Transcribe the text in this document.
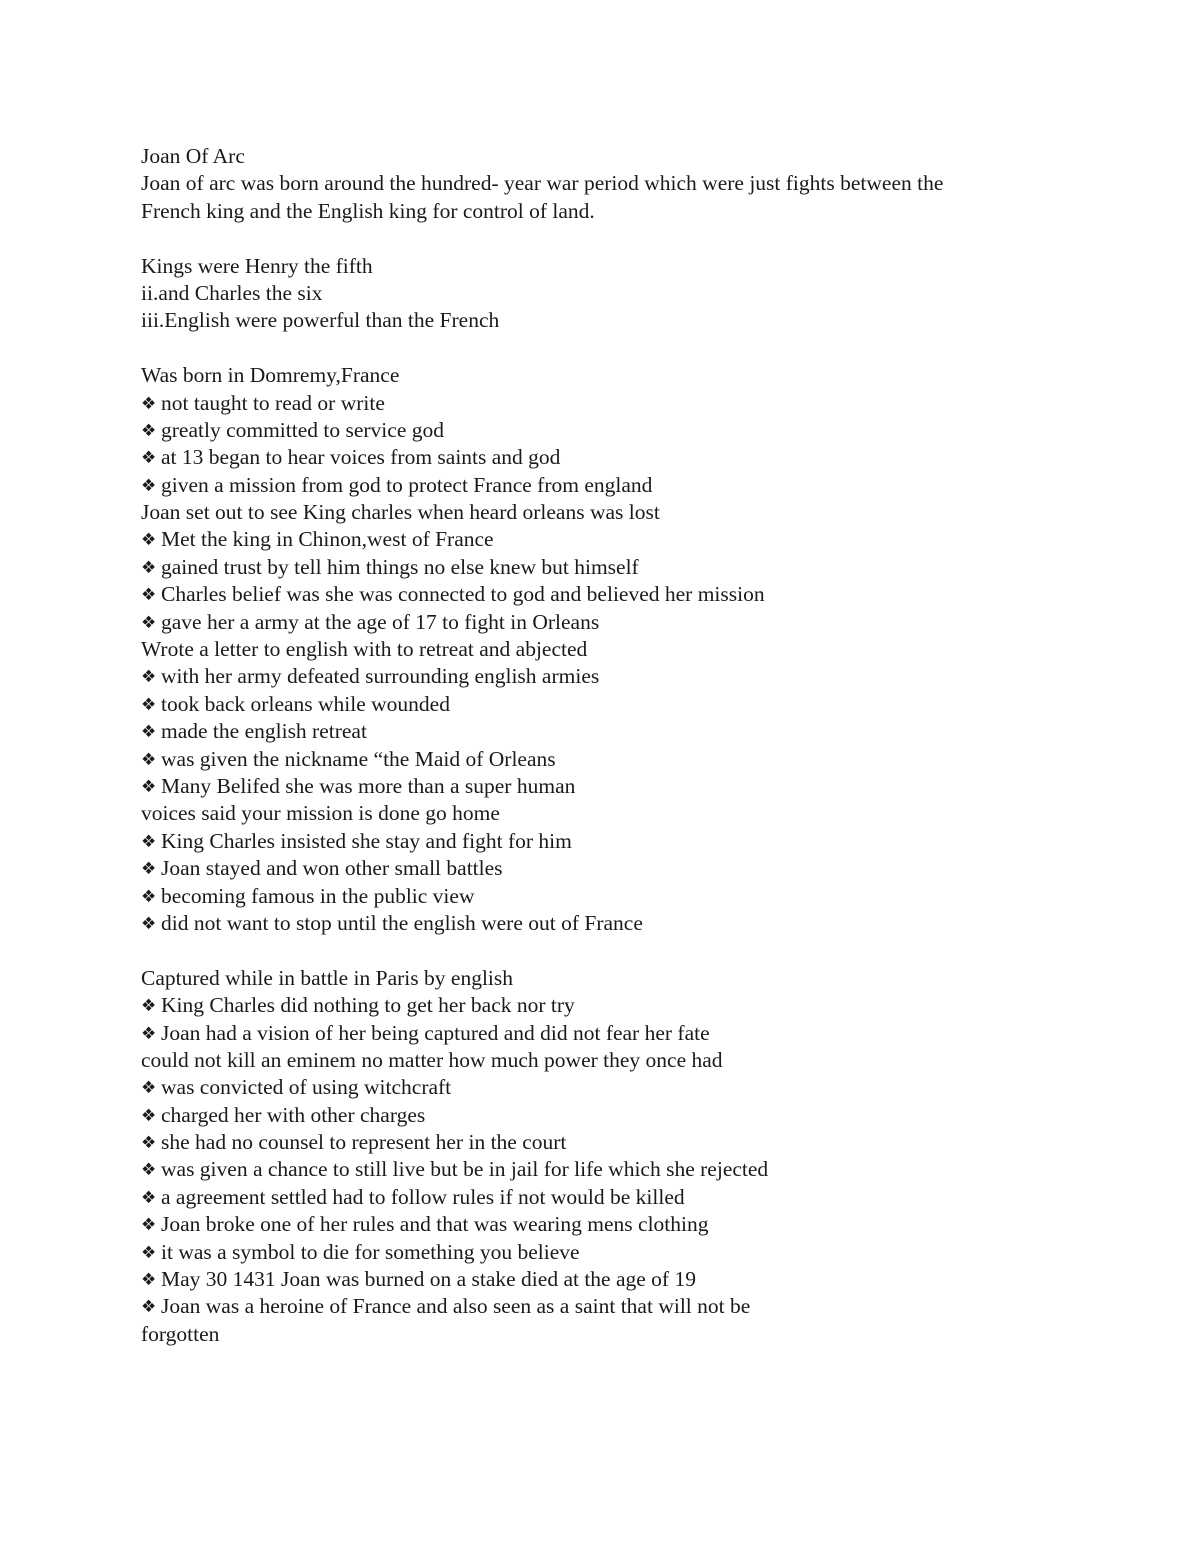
Joan Of Arc
Joan of arc was born around the hundred- year war period which were just fights between the
French king and the English king for control of land.
Kings were Henry the fifth
ii.and Charles the six
iii.English were powerful than the French
Was born in Domremy,France
❖ not taught to read or write
❖ greatly committed to service god
❖ at 13 began to hear voices from saints and god
❖ given a mission from god to protect France from england
Joan set out to see King charles when heard orleans was lost
❖ Met the king in Chinon,west of France
❖ gained trust by tell him things no else knew but himself
❖ Charles belief was she was connected to god and believed her mission
❖ gave her a army at the age of 17 to fight in Orleans
Wrote a letter to english with to retreat and abjected
❖ with her army defeated surrounding english armies
❖ took back orleans while wounded
❖ made the english retreat
❖ was given the nickname “the Maid of Orleans
❖ Many Belifed she was more than a super human
voices said your mission is done go home
❖ King Charles insisted she stay and fight for him
❖ Joan stayed and won other small battles
❖ becoming famous in the public view
❖ did not want to stop until the english were out of France
Captured while in battle in Paris by english
❖ King Charles did nothing to get her back nor try
❖ Joan had a vision of her being captured and did not fear her fate
could not kill an eminem no matter how much power they once had
❖ was convicted of using witchcraft
❖ charged her with other charges
❖ she had no counsel to represent her in the court
❖ was given a chance to still live but be in jail for life which she rejected
❖ a agreement settled had to follow rules if not would be killed
❖ Joan broke one of her rules and that was wearing mens clothing
❖ it was a symbol to die for something you believe
❖ May 30 1431 Joan was burned on a stake died at the age of 19
❖ Joan was a heroine of France and also seen as a saint that will not be
forgotten
